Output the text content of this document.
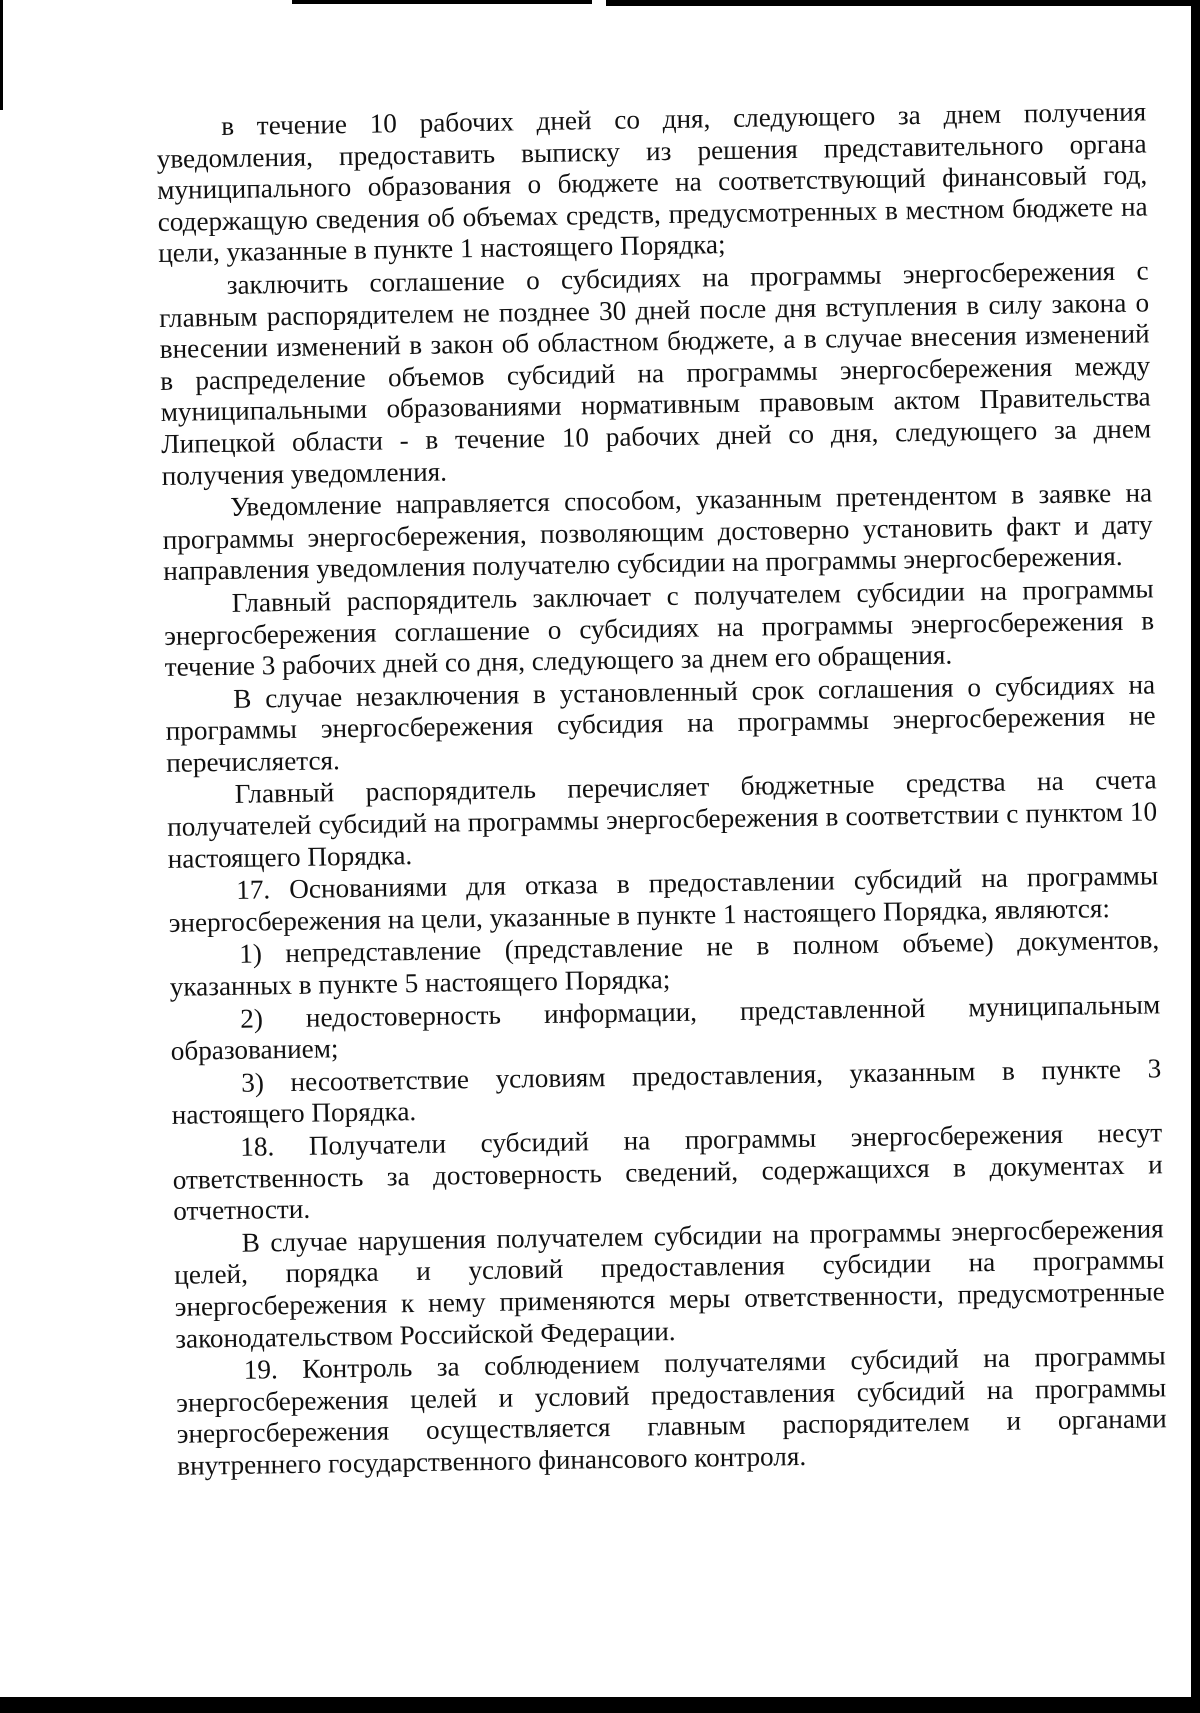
в течение 10 рабочих дней со дня, следующего за днем получения уведомления, предоставить выписку из решения представительного органа муниципального образования о бюджете на соответствующий финансовый год, содержащую сведения об объемах средств, предусмотренных в местном бюджете на цели, указанные в пункте 1 настоящего Порядка;

заключить соглашение о субсидиях на программы энергосбережения с главным распорядителем не позднее 30 дней после дня вступления в силу закона о внесении изменений в закон об областном бюджете, а в случае внесения изменений в распределение объемов субсидий на программы энергосбережения между муниципальными образованиями нормативным правовым актом Правительства Липецкой области - в течение 10 рабочих дней со дня, следующего за днем получения уведомления.

Уведомление направляется способом, указанным претендентом в заявке на программы энергосбережения, позволяющим достоверно установить факт и дату направления уведомления получателю субсидии на программы энергосбережения.

Главный распорядитель заключает с получателем субсидии на программы энергосбережения соглашение о субсидиях на программы энергосбережения в течение 3 рабочих дней со дня, следующего за днем его обращения.

В случае незаключения в установленный срок соглашения о субсидиях на программы энергосбережения субсидия на программы энергосбережения не перечисляется.

Главный распорядитель перечисляет бюджетные средства на счета получателей субсидий на программы энергосбережения в соответствии с пунктом 10 настоящего Порядка.

17. Основаниями для отказа в предоставлении субсидий на программы энергосбережения на цели, указанные в пункте 1 настоящего Порядка, являются:

1) непредставление (представление не в полном объеме) документов, указанных в пункте 5 настоящего Порядка;

2) недостоверность информации, представленной муниципальным образованием;

3) несоответствие условиям предоставления, указанным в пункте 3 настоящего Порядка.

18. Получатели субсидий на программы энергосбережения несут ответственность за достоверность сведений, содержащихся в документах и отчетности.

В случае нарушения получателем субсидии на программы энергосбережения целей, порядка и условий предоставления субсидии на программы энергосбережения к нему применяются меры ответственности, предусмотренные законодательством Российской Федерации.

19. Контроль за соблюдением получателями субсидий на программы энергосбережения целей и условий предоставления субсидий на программы энергосбережения осуществляется главным распорядителем и органами внутреннего государственного финансового контроля.
